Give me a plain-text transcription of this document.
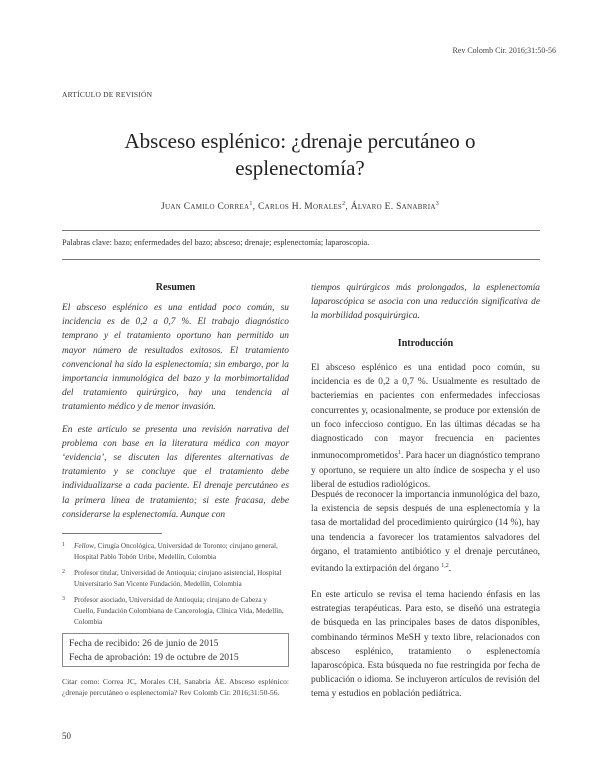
Rev Colomb Cir. 2016;31:50-56
ARTÍCULO DE REVISIÓN
Absceso esplénico: ¿drenaje percutáneo o
esplenectomía?
Juan Camilo Correa$^1$, Carlos H. Morales$^2$, Álvaro E. Sanabria$^3$
Palabras clave: bazo; enfermedades del bazo; absceso; drenaje; esplenectomía; laparoscopia.
Resumen

El absceso esplénico es una entidad poco común, su incidencia es de 0,2 a 0,7 %. El trabajo diagnóstico temprano y el tratamiento oportuno han permitido un mayor número de resultados exitosos. El tratamiento convencional ha sido la esplenectomía; sin embargo, por la importancia inmunológica del bazo y la morbimortalidad del tratamiento quirúrgico, hay una tendencia al tratamiento médico y de menor invasión.

En este artículo se presenta una revisión narrativa del problema con base en la literatura médica con mayor ‘evidencia’, se discuten las diferentes alternativas de tratamiento y se concluye que el tratamiento debe individualizarse a cada paciente. El drenaje percutáneo es la primera línea de tratamiento; si este fracasa, debe considerarse la esplenectomía. Aunque con

1 Fellow, Cirugía Oncológica, Universidad de Toronto; cirujano general, Hospital Pablo Tobón Uribe, Medellín, Colombia
2 Profesor titular, Universidad de Antioquia; cirujano asistencial, Hospital Universitario San Vicente Fundación, Medellín, Colombia
3 Profesor asociado, Universidad de Antioquia; cirujano de Cabeza y Cuello, Fundación Colombiana de Cancerología, Clínica Vida, Medellín, Colombia
Fecha de recibido: 26 de junio de 2015
Fecha de aprobación: 19 de octubre de 2015
Citar como: Correa JC, Morales CH, Sanabria ÁE. Absceso esplénico: ¿drenaje percutáneo o esplenectomía? Rev Colomb Cir. 2016;31:50-56.
50
tiempos quirúrgicos más prolongados, la esplenectomía laparoscópica se asocia con una reducción significativa de la morbilidad posquirúrgica.
Introducción

El absceso esplénico es una entidad poco común, su incidencia es de 0,2 a 0,7 %. Usualmente es resultado de bacteriemias en pacientes con enfermedades infecciosas concurrentes y, ocasionalmente, se produce por extensión de un foco infeccioso contiguo. En las últimas décadas se ha diagnosticado con mayor frecuencia en pacientes inmunocomprometidos$^1$. Para hacer un diagnóstico temprano y oportuno, se requiere un alto índice de sospecha y el uso liberal de estudios radiológicos.

Después de reconocer la importancia inmunológica del bazo, la existencia de sepsis después de una esplenectomía y la tasa de mortalidad del procedimiento quirúrgico (14 %), hay una tendencia a favorecer los tratamientos salvadores del órgano, el tratamiento antibiótico y el drenaje percutáneo, evitando la extirpación del órgano $^{1,2}$.

En este artículo se revisa el tema haciendo énfasis en las estrategias terapéuticas. Para esto, se diseñó una estrategia de búsqueda en las principales bases de datos disponibles, combinando términos MeSH y texto libre, relacionados con absceso esplénico, tratamiento o esplenectomía laparoscópica. Esta búsqueda no fue restringida por fecha de publicación o idioma. Se incluyeron artículos de revisión del tema y estudios en población pediátrica.
